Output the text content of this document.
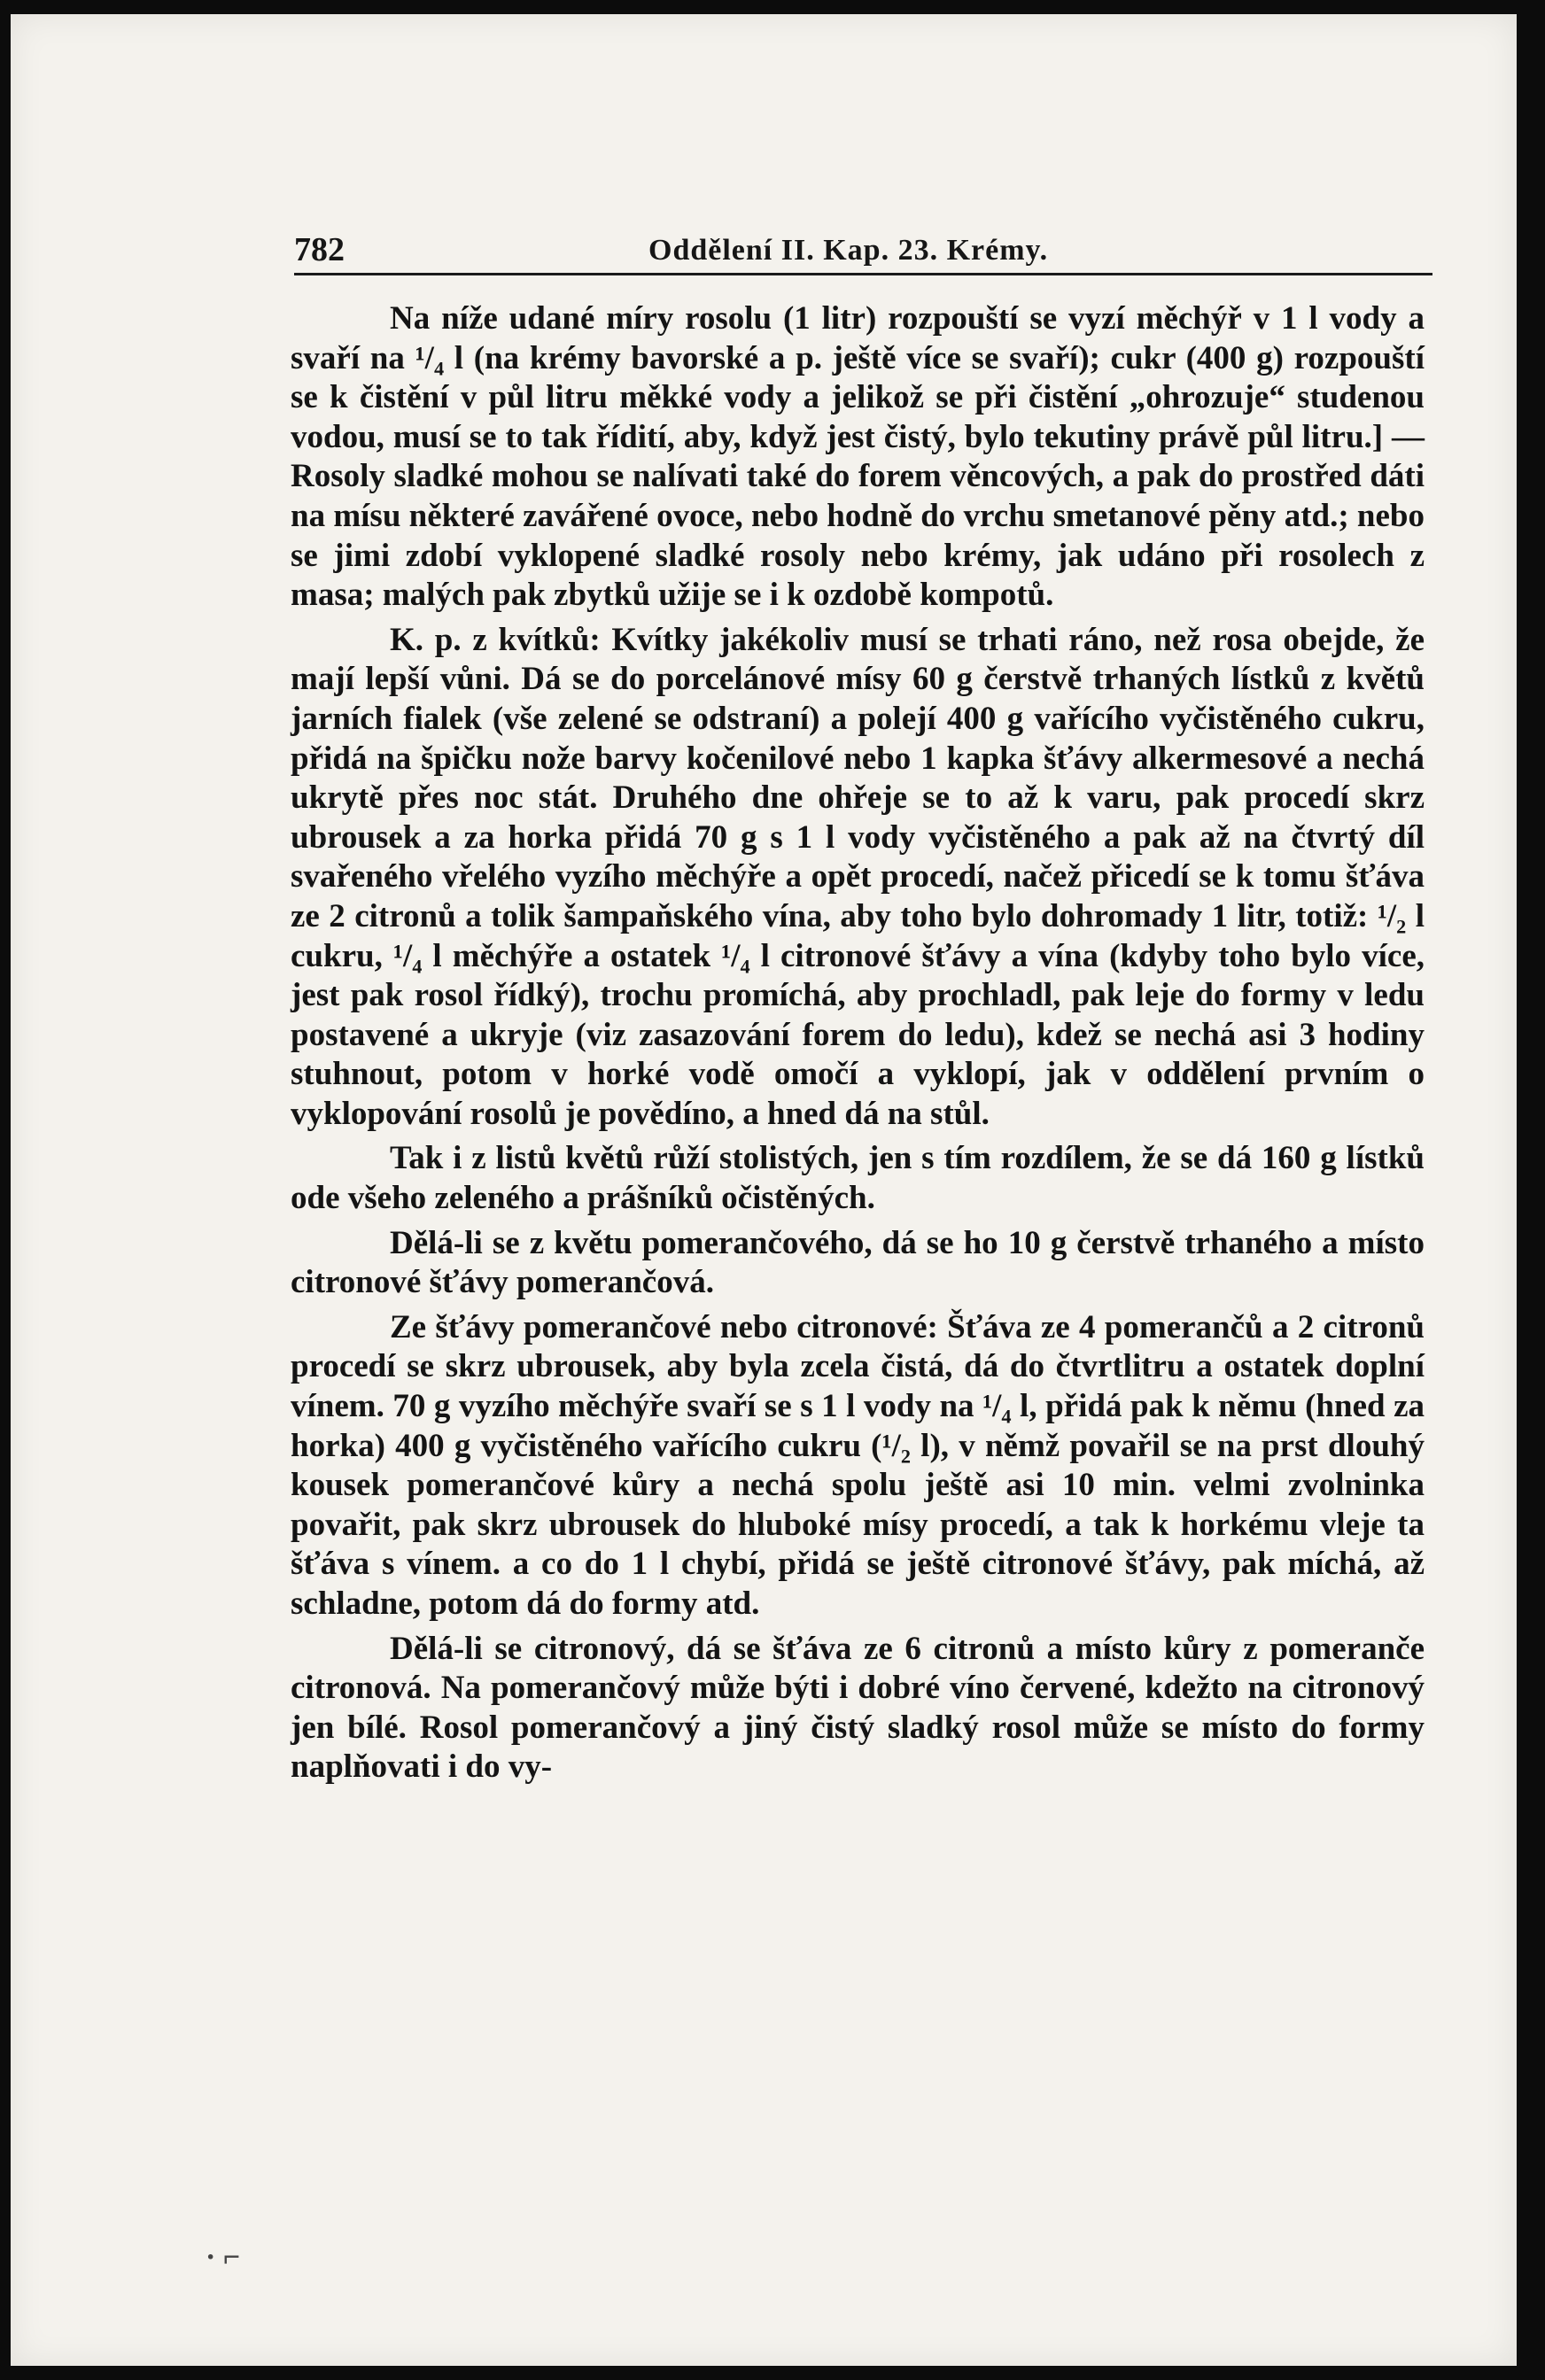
782	Oddělení II. Kap. 23. Krémy.

Na níže udané míry rosolu (1 litr) rozpouští se vyzí měchýř v 1 l vody a svaří na ¹/₄ l (na krémy bavorské a p. ještě více se svaří); cukr (400 g) rozpouští se k čistění v půl litru měkké vody a jelikož se při čistění „ohrozuje“ studenou vodou, musí se to tak řídití, aby, když jest čistý, bylo tekutiny právě půl litru.] — Rosoly sladké mohou se nalívati také do forem věncových, a pak do prostřed dáti na mísu některé zavářené ovoce, nebo hodně do vrchu smetanové pěny atd.; nebo se jimi zdobí vyklopené sladké rosoly nebo krémy, jak udáno při rosolech z masa; malých pak zbytků užije se i k ozdobě kompotů.

K. p. z kvítků: Kvítky jakékoliv musí se trhati ráno, než rosa obejde, že mají lepší vůni. Dá se do porcelánové mísy 60 g čerstvě trhaných lístků z květů jarních fialek (vše zelené se odstraní) a polejí 400 g vařícího vyčistěného cukru, přidá na špičku nože barvy kočenilové nebo 1 kapka šťávy alkermesové a nechá ukrytě přes noc stát. Druhého dne ohřeje se to až k varu, pak procedí skrz ubrousek a za horka přidá 70 g s 1 l vody vyčistěného a pak až na čtvrtý díl svařeného vřelého vyzího měchýře a opět procedí, načež přicedí se k tomu šťáva ze 2 citronů a tolik šampaňského vína, aby toho bylo dohromady 1 litr, totiž: ¹/₂ l cukru, ¹/₄ l měchýře a ostatek ¹/₄ l citronové šťávy a vína (kdyby toho bylo více, jest pak rosol řídký), trochu promíchá, aby prochladl, pak leje do formy v ledu postavené a ukryje (viz zasazování forem do ledu), kdež se nechá asi 3 hodiny stuhnout, potom v horké vodě omočí a vyklopí, jak v oddělení prvním o vyklopování rosolů je povědíno, a hned dá na stůl.

Tak i z listů květů růží stolistých, jen s tím rozdílem, že se dá 160 g lístků ode všeho zeleného a prášníků očistěných.

Dělá-li se z květu pomerančového, dá se ho 10 g čerstvě trhaného a místo citronové šťávy pomerančová.

Ze šťávy pomerančové nebo citronové: Šťáva ze 4 pomerančů a 2 citronů procedí se skrz ubrousek, aby byla zcela čistá, dá do čtvrtlitru a ostatek doplní vínem. 70 g vyzího měchýře svaří se s 1 l vody na ¹/₄ l, přidá pak k němu (hned za horka) 400 g vyčistěného vařícího cukru (¹/₂ l), v němž povařil se na prst dlouhý kousek pomerančové kůry a nechá spolu ještě asi 10 min. velmi zvolninka povařit, pak skrz ubrousek do hluboké mísy procedí, a tak k horkému vleje ta šťáva s vínem. a co do 1 l chybí, přidá se ještě citronové šťávy, pak míchá, až schladne, potom dá do formy atd.

Dělá-li se citronový, dá se šťáva ze 6 citronů a místo kůry z pomeranče citronová. Na pomerančový může býti i dobré víno červené, kdežto na citronový jen bílé. Rosol pomerančový a jiný čistý sladký rosol může se místo do formy naplňovati i do vy-

· ⌐
